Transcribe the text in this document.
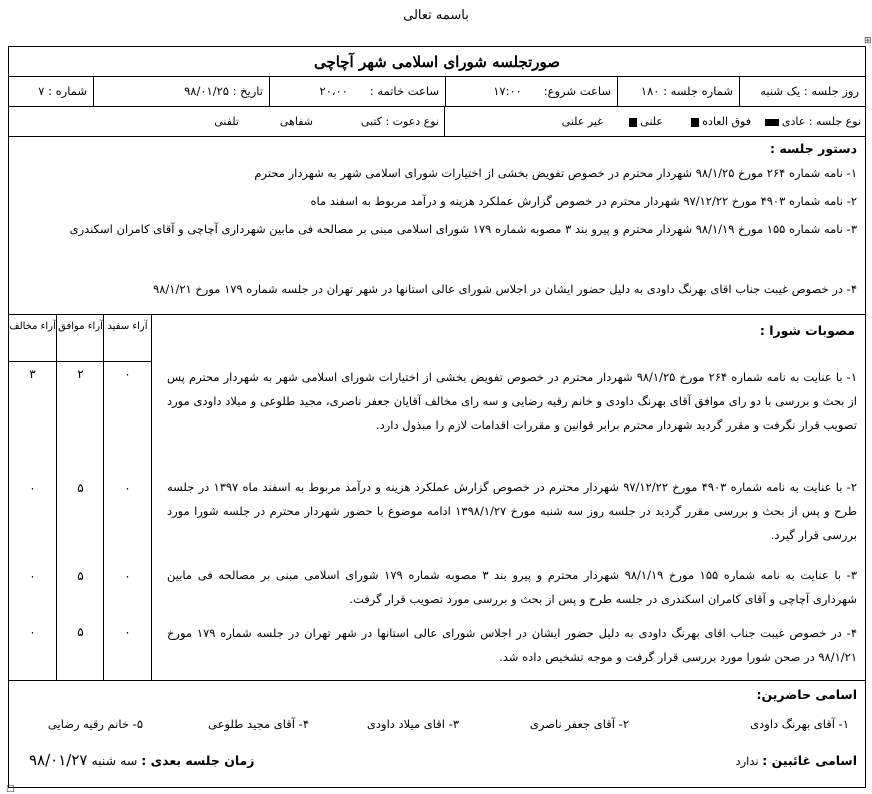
باسمه تعالی
⊞
□
صورتجلسه شورای اسلامی شهر آچاچی
روز جلسه : یک شنبه
شماره جلسه : ۱۸۰
ساعت شروع:      ۱۷:۰۰
ساعت خاتمه :      ۲۰،۰۰
تاریخ : ۹۸/۰۱/۲۵
شماره : ۷
نوع جلسه : عادی
فوق العاده
علنی
غیر علنی
نوع دعوت : کتبی
شفاهی
تلفنی
دستور جلسه :
۱- نامه شماره ۲۶۴ مورخ ۹۸/۱/۲۵ شهردار محترم در خصوص تفویض بخشی از اختیارات شورای اسلامی شهر به شهردار محترم
۲- نامه شماره ۴۹۰۳ مورخ ۹۷/۱۲/۲۲ شهردار محترم در خصوص گزارش عملکرد هزینه و درآمد مربوط به اسفند ماه
۳- نامه شماره ۱۵۵ مورخ ۹۸/۱/۱۹ شهردار محترم و پیرو بند ۳ مصوبه شماره ۱۷۹ شورای اسلامی مبنی بر مصالحه فی مابین شهرداری آچاچی و آقای کامران اسکندری
۴- در خصوص غیبت جناب اقای بهرنگ داودی به دلیل حضور ایشان در اجلاس شورای عالی استانها در شهر تهران در جلسه شماره ۱۷۹ مورخ ۹۸/۱/۲۱
آراء سفید
آراء موافق
آراء مخالف	مصوبات شورا :
۱- با عنایت به نامه شماره ۲۶۴ مورخ ۹۸/۱/۲۵ شهردار محترم در خصوص تفویض بخشی از اختیارات شورای اسلامی شهر به شهردار محترم پس از بحث و بررسی با دو رای موافق آقای بهرنگ داودی و خانم رقیه رضایی و سه رای مخالف آقایان جعفر ناصری، مجید طلوعی و میلاد داودی مورد تصویب قرار نگرفت و مقرر گردید شهردار محترم برابر قوانین و مقررات اقدامات لازم را مبذول دارد.
۰
۲
۳
۲- با عنایت به نامه شماره ۴۹۰۳ مورخ ۹۷/۱۲/۲۲ شهردار محترم در خصوص گزارش عملکرد هزینه و درآمد مربوط به اسفند ماه ۱۳۹۷ در جلسه طرح و پس از بحث و بررسی مقرر گردید در جلسه روز سه شنبه مورخ ۱۳۹۸/۱/۲۷ ادامه موضوع با حضور شهردار محترم در جلسه شورا مورد بررسی قرار گیرد.
۰
۵
۰
۳- با عنایت به نامه شماره ۱۵۵ مورخ ۹۸/۱/۱۹ شهردار محترم و پیرو بند ۳ مصوبه شماره ۱۷۹ شورای اسلامی مبنی بر مصالحه فی مابین شهرداری آچاچی و آقای کامران اسکندری در جلسه طرح و پس از بحث و بررسی مورد تصویب قرار گرفت.
۰
۵
۰
۴- در خصوص غیبت جناب اقای بهرنگ داودی به دلیل حضور ایشان در اجلاس شورای عالی استانها در شهر تهران در جلسه شماره ۱۷۹ مورخ ۹۸/۱/۲۱ در صحن شورا مورد بررسی قرار گرفت و موجه تشخیص داده شد.
۰
۵
۰
اسامی حاضرین:
۱- آقای بهرنگ داودی
۲- آقای جعفر ناصری
۳- اقای میلاد داودی
۴- آقای مجید طلوعی
۵- خانم رقیه رضایی
اسامی غائبین : ندارد
زمان جلسه بعدی : سه شنبه ۹۸/۰۱/۲۷
